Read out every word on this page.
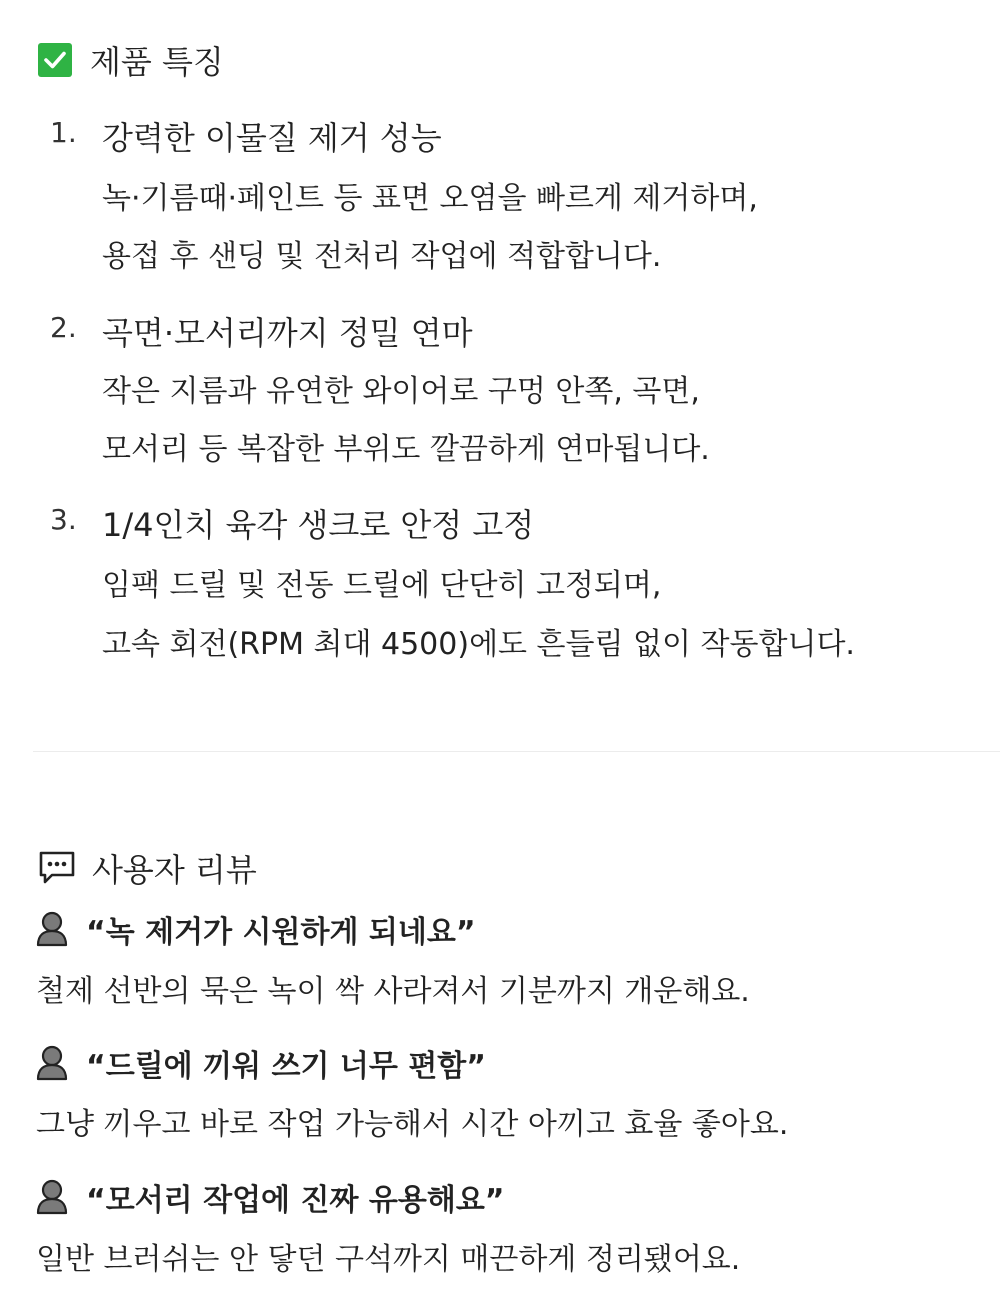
제품 특징
1. 강력한 이물질 제거 성능
녹·기름때·페인트 등 표면 오염을 빠르게 제거하며,
용접 후 샌딩 및 전처리 작업에 적합합니다.
2. 곡면·모서리까지 정밀 연마
작은 지름과 유연한 와이어로 구멍 안쪽, 곡면,
모서리 등 복잡한 부위도 깔끔하게 연마됩니다.
3. 1/4인치 육각 생크로 안정 고정
임팩 드릴 및 전동 드릴에 단단히 고정되며,
고속 회전(RPM 최대 4500)에도 흔들림 없이 작동합니다.
사용자 리뷰
“녹 제거가 시원하게 되네요”
철제 선반의 묵은 녹이 싹 사라져서 기분까지 개운해요.
“드릴에 끼워 쓰기 너무 편함”
그냥 끼우고 바로 작업 가능해서 시간 아끼고 효율 좋아요.
“모서리 작업에 진짜 유용해요”
일반 브러쉬는 안 닿던 구석까지 매끈하게 정리됐어요.
